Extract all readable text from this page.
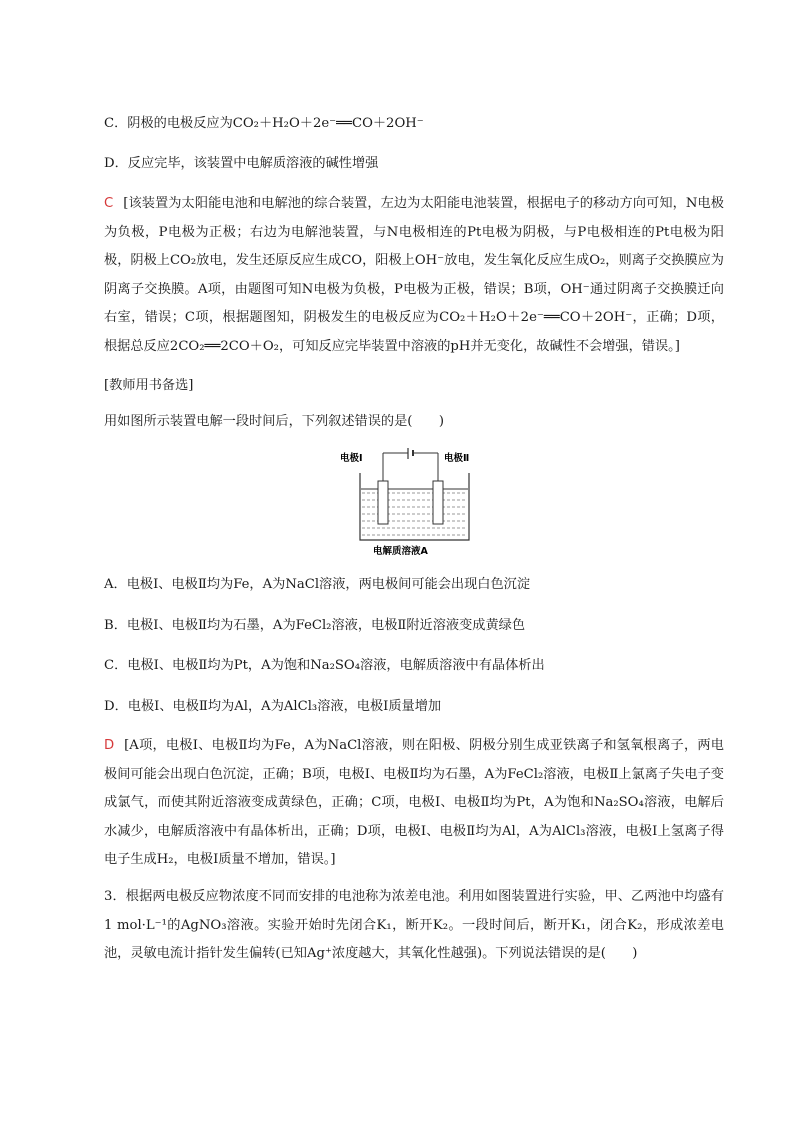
C．阴极的电极反应为CO₂＋H₂O＋2e⁻══CO＋2OH⁻
D．反应完毕，该装置中电解质溶液的碱性增强
C [该装置为太阳能电池和电解池的综合装置，左边为太阳能电池装置，根据电子的移动方向可知，N电极为负极，P电极为正极；右边为电解池装置，与N电极相连的Pt电极为阴极，与P电极相连的Pt电极为阳极，阴极上CO₂放电，发生还原反应生成CO，阳极上OH⁻放电，发生氧化反应生成O₂，则离子交换膜应为阴离子交换膜。A项，由题图可知N电极为负极，P电极为正极，错误；B项，OH⁻通过阴离子交换膜迁向右室，错误；C项，根据题图知，阴极发生的电极反应为CO₂＋H₂O＋2e⁻══CO＋2OH⁻，正确；D项，根据总反应2CO₂══2CO＋O₂，可知反应完毕装置中溶液的pH并无变化，故碱性不会增强，错误。]
[教师用书备选]
用如图所示装置电解一段时间后，下列叙述错误的是(　　)
电极Ⅰ	电极Ⅱ
电解质溶液A
A．电极Ⅰ、电极Ⅱ均为Fe，A为NaCl溶液，两电极间可能会出现白色沉淀
B．电极Ⅰ、电极Ⅱ均为石墨，A为FeCl₂溶液，电极Ⅱ附近溶液变成黄绿色
C．电极Ⅰ、电极Ⅱ均为Pt，A为饱和Na₂SO₄溶液，电解质溶液中有晶体析出
D．电极Ⅰ、电极Ⅱ均为Al，A为AlCl₃溶液，电极Ⅰ质量增加
D [A项，电极Ⅰ、电极Ⅱ均为Fe，A为NaCl溶液，则在阳极、阴极分别生成亚铁离子和氢氧根离子，两电极间可能会出现白色沉淀，正确；B项，电极Ⅰ、电极Ⅱ均为石墨，A为FeCl₂溶液，电极Ⅱ上氯离子失电子变成氯气，而使其附近溶液变成黄绿色，正确；C项，电极Ⅰ、电极Ⅱ均为Pt，A为饱和Na₂SO₄溶液，电解后水减少，电解质溶液中有晶体析出，正确；D项，电极Ⅰ、电极Ⅱ均为Al，A为AlCl₃溶液，电极Ⅰ上氢离子得电子生成H₂，电极Ⅰ质量不增加，错误。]
3．根据两电极反应物浓度不同而安排的电池称为浓差电池。利用如图装置进行实验，甲、乙两池中均盛有1 mol·L⁻¹的AgNO₃溶液。实验开始时先闭合K₁，断开K₂。一段时间后，断开K₁，闭合K₂，形成浓差电池，灵敏电流计指针发生偏转(已知Ag⁺浓度越大，其氧化性越强)。下列说法错误的是(　　)
